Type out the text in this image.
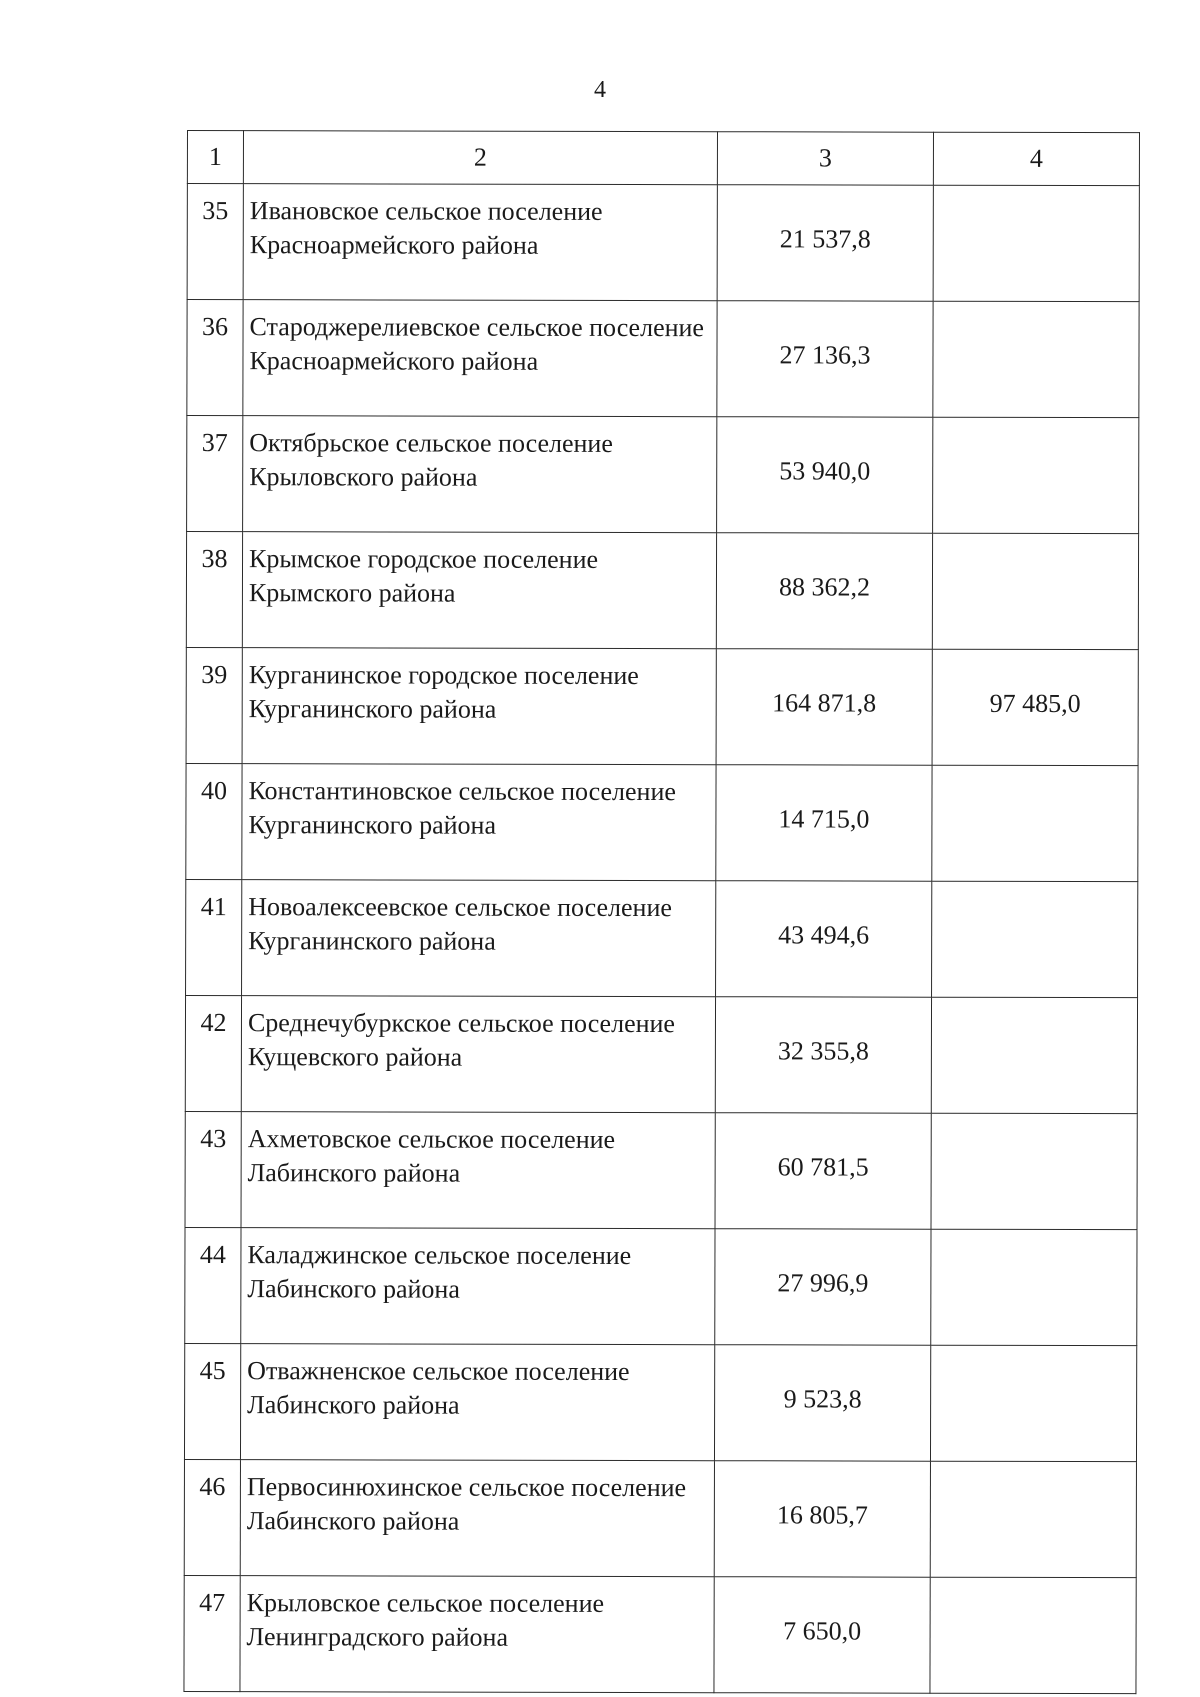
4
1	2	3	4
35	Ивановское сельское поселение Красноармейского района	21 537,8	
36	Староджерелиевское сельское поселение Красноармейского района	27 136,3	
37	Октябрьское сельское поселение Крыловского района	53 940,0	
38	Крымское городское поселение Крымского района	88 362,2	
39	Курганинское городское поселение Курганинского района	164 871,8	97 485,0
40	Константиновское сельское поселение Курганинского района	14 715,0	
41	Новоалексеевское сельское поселение Курганинского района	43 494,6	
42	Среднечубуркское сельское поселение Кущевского района	32 355,8	
43	Ахметовское сельское поселение Лабинского района	60 781,5	
44	Каладжинское сельское поселение Лабинского района	27 996,9	
45	Отважненское сельское поселение Лабинского района	9 523,8	
46	Первосинюхинское сельское поселение Лабинского района	16 805,7	
47	Крыловское сельское поселение Ленинградского района	7 650,0	
